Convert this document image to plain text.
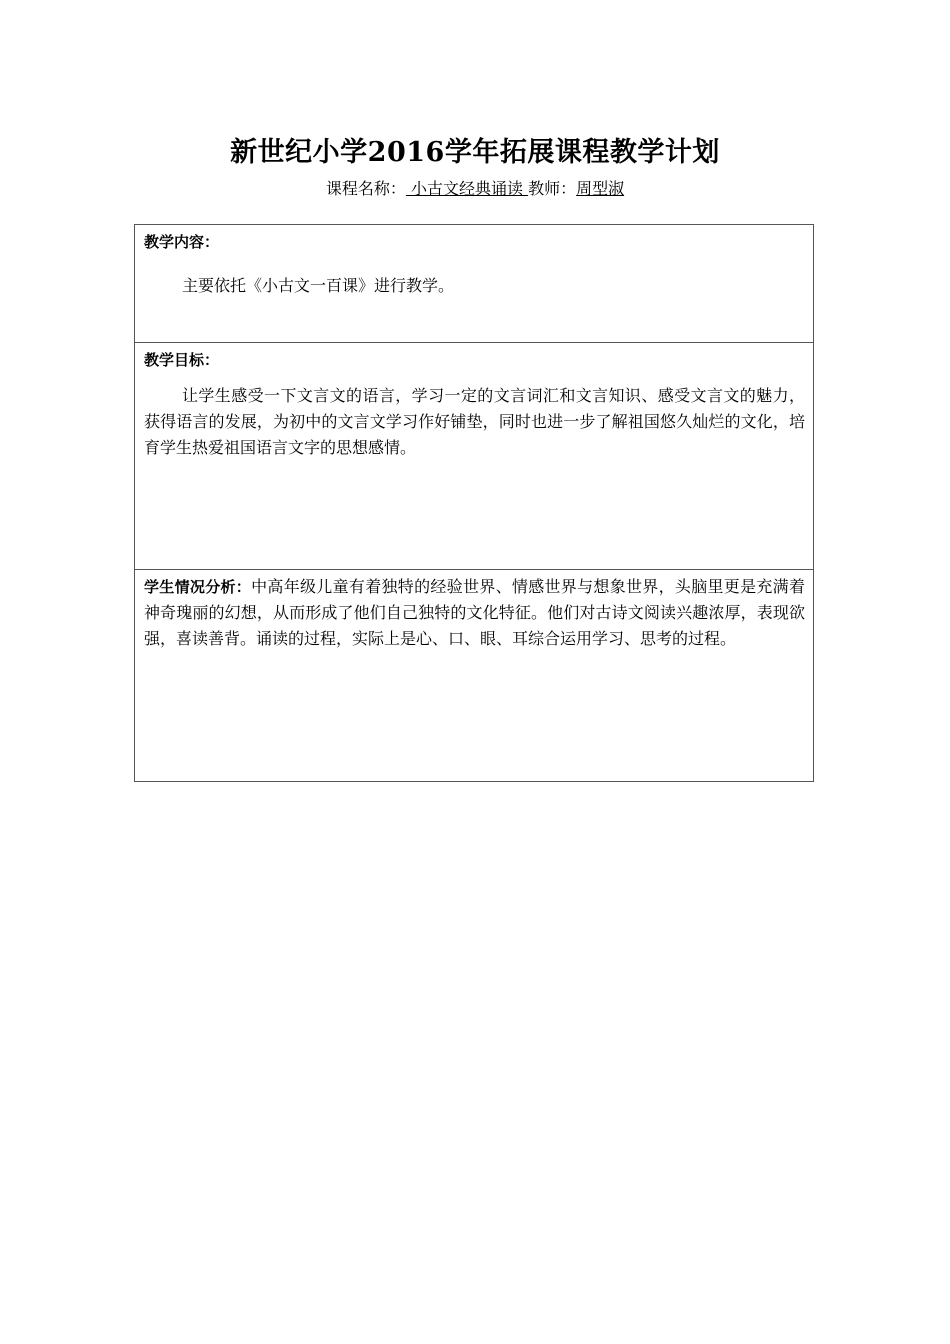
新世纪小学2016学年拓展课程教学计划
课程名称： 小古文经典诵读 教师：周型淑
教学内容：

主要依托《小古文一百课》进行教学。

教学目标：

让学生感受一下文言文的语言，学习一定的文言词汇和文言知识、感受文言文的魅力，获得语言的发展，为初中的文言文学习作好铺垫，同时也进一步了解祖国悠久灿烂的文化，培育学生热爱祖国语言文字的思想感情。

学生情况分析：中高年级儿童有着独特的经验世界、情感世界与想象世界，头脑里更是充满着神奇瑰丽的幻想，从而形成了他们自己独特的文化特征。他们对古诗文阅读兴趣浓厚，表现欲强，喜读善背。诵读的过程，实际上是心、口、眼、耳综合运用学习、思考的过程。
